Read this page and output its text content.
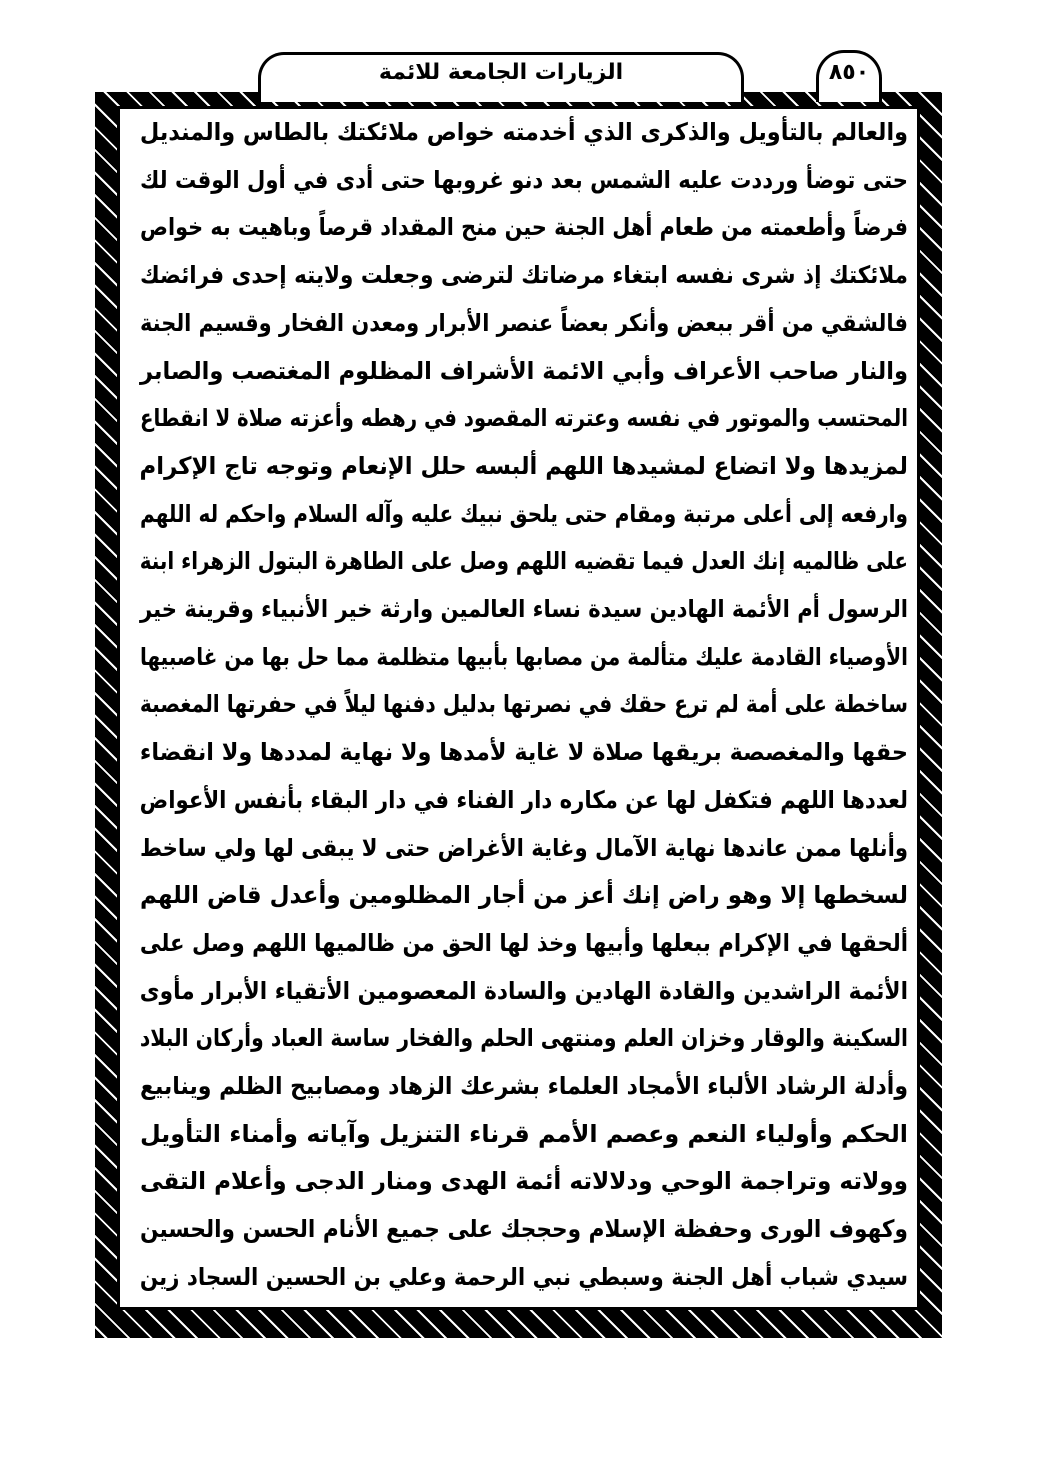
الزيارات الجامعة للائمة	٨٥٠
والعالم بالتأويل والذكرى الذي أخدمته خواص ملائكتك بالطاس والمنديل
حتى توضأ ورددت عليه الشمس بعد دنو غروبها حتى أدى في أول الوقت لك
فرضاً وأطعمته من طعام أهل الجنة حين منح المقداد قرصاً وباهيت به خواص
ملائكتك إذ شرى نفسه ابتغاء مرضاتك لترضى وجعلت ولايته إحدى فرائضك
فالشقي من أقر ببعض وأنكر بعضاً عنصر الأبرار ومعدن الفخار وقسيم الجنة
والنار صاحب الأعراف وأبي الائمة الأشراف المظلوم المغتصب والصابر
المحتسب والموتور في نفسه وعترته المقصود في رهطه وأعزته صلاة لا انقطاع
لمزيدها ولا اتضاع لمشيدها اللهم ألبسه حلل الإنعام وتوجه تاج الإكرام
وارفعه إلى أعلى مرتبة ومقام حتى يلحق نبيك عليه وآله السلام واحكم له اللهم
على ظالميه إنك العدل فيما تقضيه اللهم وصل على الطاهرة البتول الزهراء ابنة
الرسول أم الأئمة الهادين سيدة نساء العالمين وارثة خير الأنبياء وقرينة خير
الأوصياء القادمة عليك متألمة من مصابها بأبيها متظلمة مما حل بها من غاصبيها
ساخطة على أمة لم ترع حقك في نصرتها بدليل دفنها ليلاً في حفرتها المغصبة
حقها والمغصصة بريقها صلاة لا غاية لأمدها ولا نهاية لمددها ولا انقضاء
لعددها اللهم فتكفل لها عن مكاره دار الفناء في دار البقاء بأنفس الأعواض
وأنلها ممن عاندها نهاية الآمال وغاية الأغراض حتى لا يبقى لها ولي ساخط
لسخطها إلا وهو راض إنك أعز من أجار المظلومين وأعدل قاض اللهم
ألحقها في الإكرام ببعلها وأبيها وخذ لها الحق من ظالميها اللهم وصل على
الأئمة الراشدين والقادة الهادين والسادة المعصومين الأتقياء الأبرار مأوى
السكينة والوقار وخزان العلم ومنتهى الحلم والفخار ساسة العباد وأركان البلاد
وأدلة الرشاد الألباء الأمجاد العلماء بشرعك الزهاد ومصابيح الظلم وينابيع
الحكم وأولياء النعم وعصم الأمم قرناء التنزيل وآياته وأمناء التأويل
وولاته وتراجمة الوحي ودلالاته أئمة الهدى ومنار الدجى وأعلام التقى
وكهوف الورى وحفظة الإسلام وحججك على جميع الأنام الحسن والحسين
سيدي شباب أهل الجنة وسبطي نبي الرحمة وعلي بن الحسين السجاد زين
